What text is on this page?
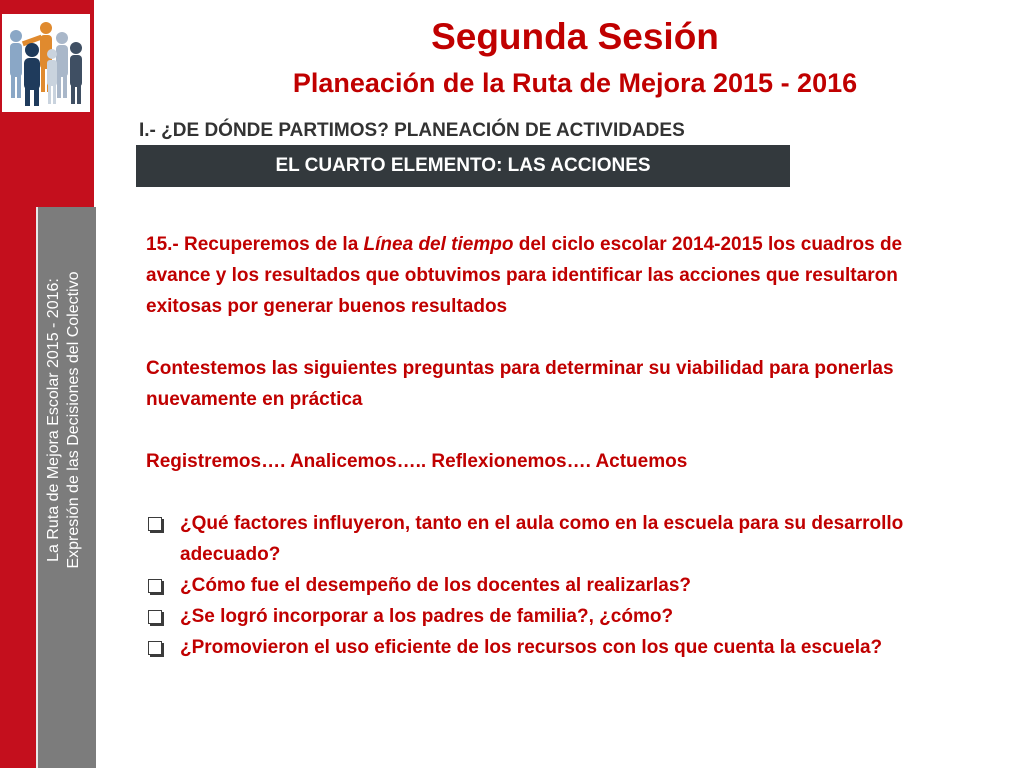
La Ruta de Mejora Escolar 2015 - 2016: Expresión de las Decisiones del Colectivo
Segunda Sesión
Planeación de la Ruta de Mejora 2015 - 2016
I.- ¿DE DÓNDE PARTIMOS? PLANEACIÓN DE ACTIVIDADES
EL CUARTO ELEMENTO: LAS ACCIONES

15.- Recuperemos de la Línea del tiempo del ciclo escolar 2014-2015 los cuadros de avance y los resultados que obtuvimos para identificar las acciones que resultaron exitosas por generar buenos resultados

Contestemos las siguientes preguntas para determinar su viabilidad para ponerlas nuevamente en práctica

Registremos…. Analicemos….. Reflexionemos…. Actuemos

¿Qué factores influyeron, tanto en el aula como en la escuela para su desarrollo adecuado?
¿Cómo fue el desempeño de los docentes al realizarlas?
¿Se logró incorporar a los padres de familia?, ¿cómo?
¿Promovieron el uso eficiente de los recursos con los que cuenta la escuela?
